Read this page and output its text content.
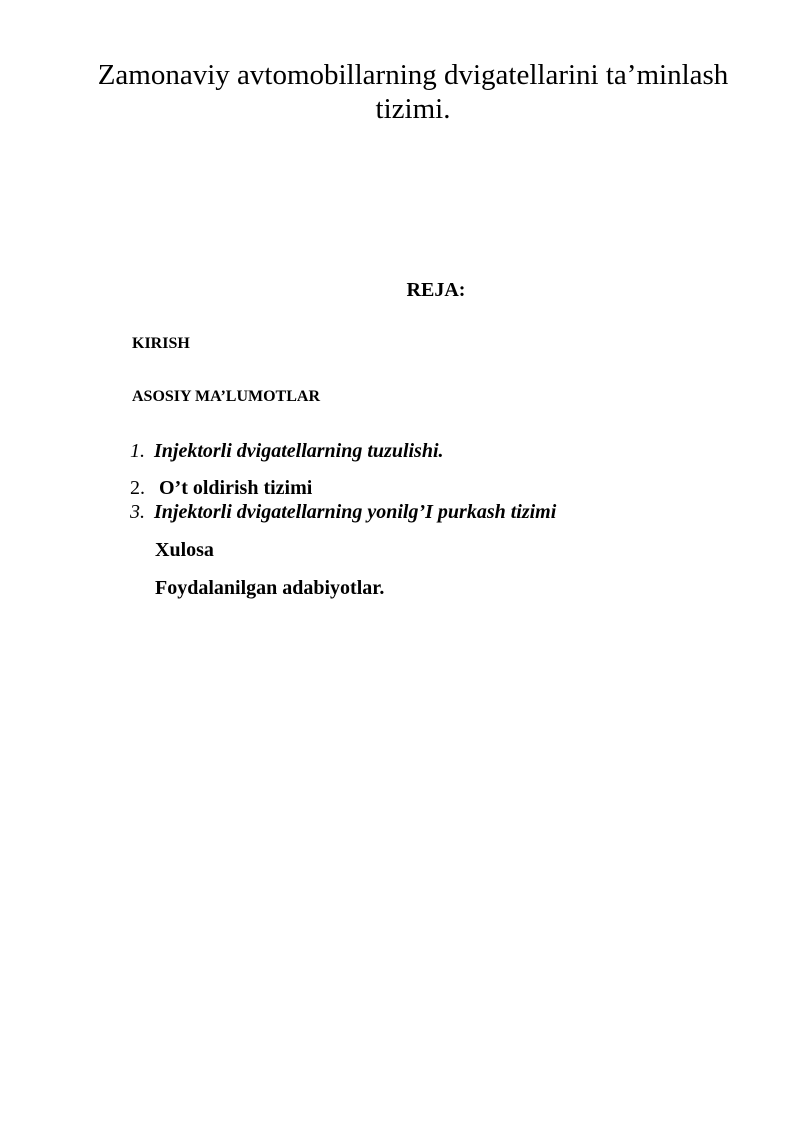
Zamonaviy avtomobillarning dvigatellarini ta’minlash tizimi.
REJA:
KIRISH
ASOSIY MA’LUMOTLAR
1. Injektorli dvigatellarning tuzulishi.
2. O’t oldirish tizimi
3. Injektorli dvigatellarning yonilg’I purkash tizimi
Xulosa
Foydalanilgan adabiyotlar.
